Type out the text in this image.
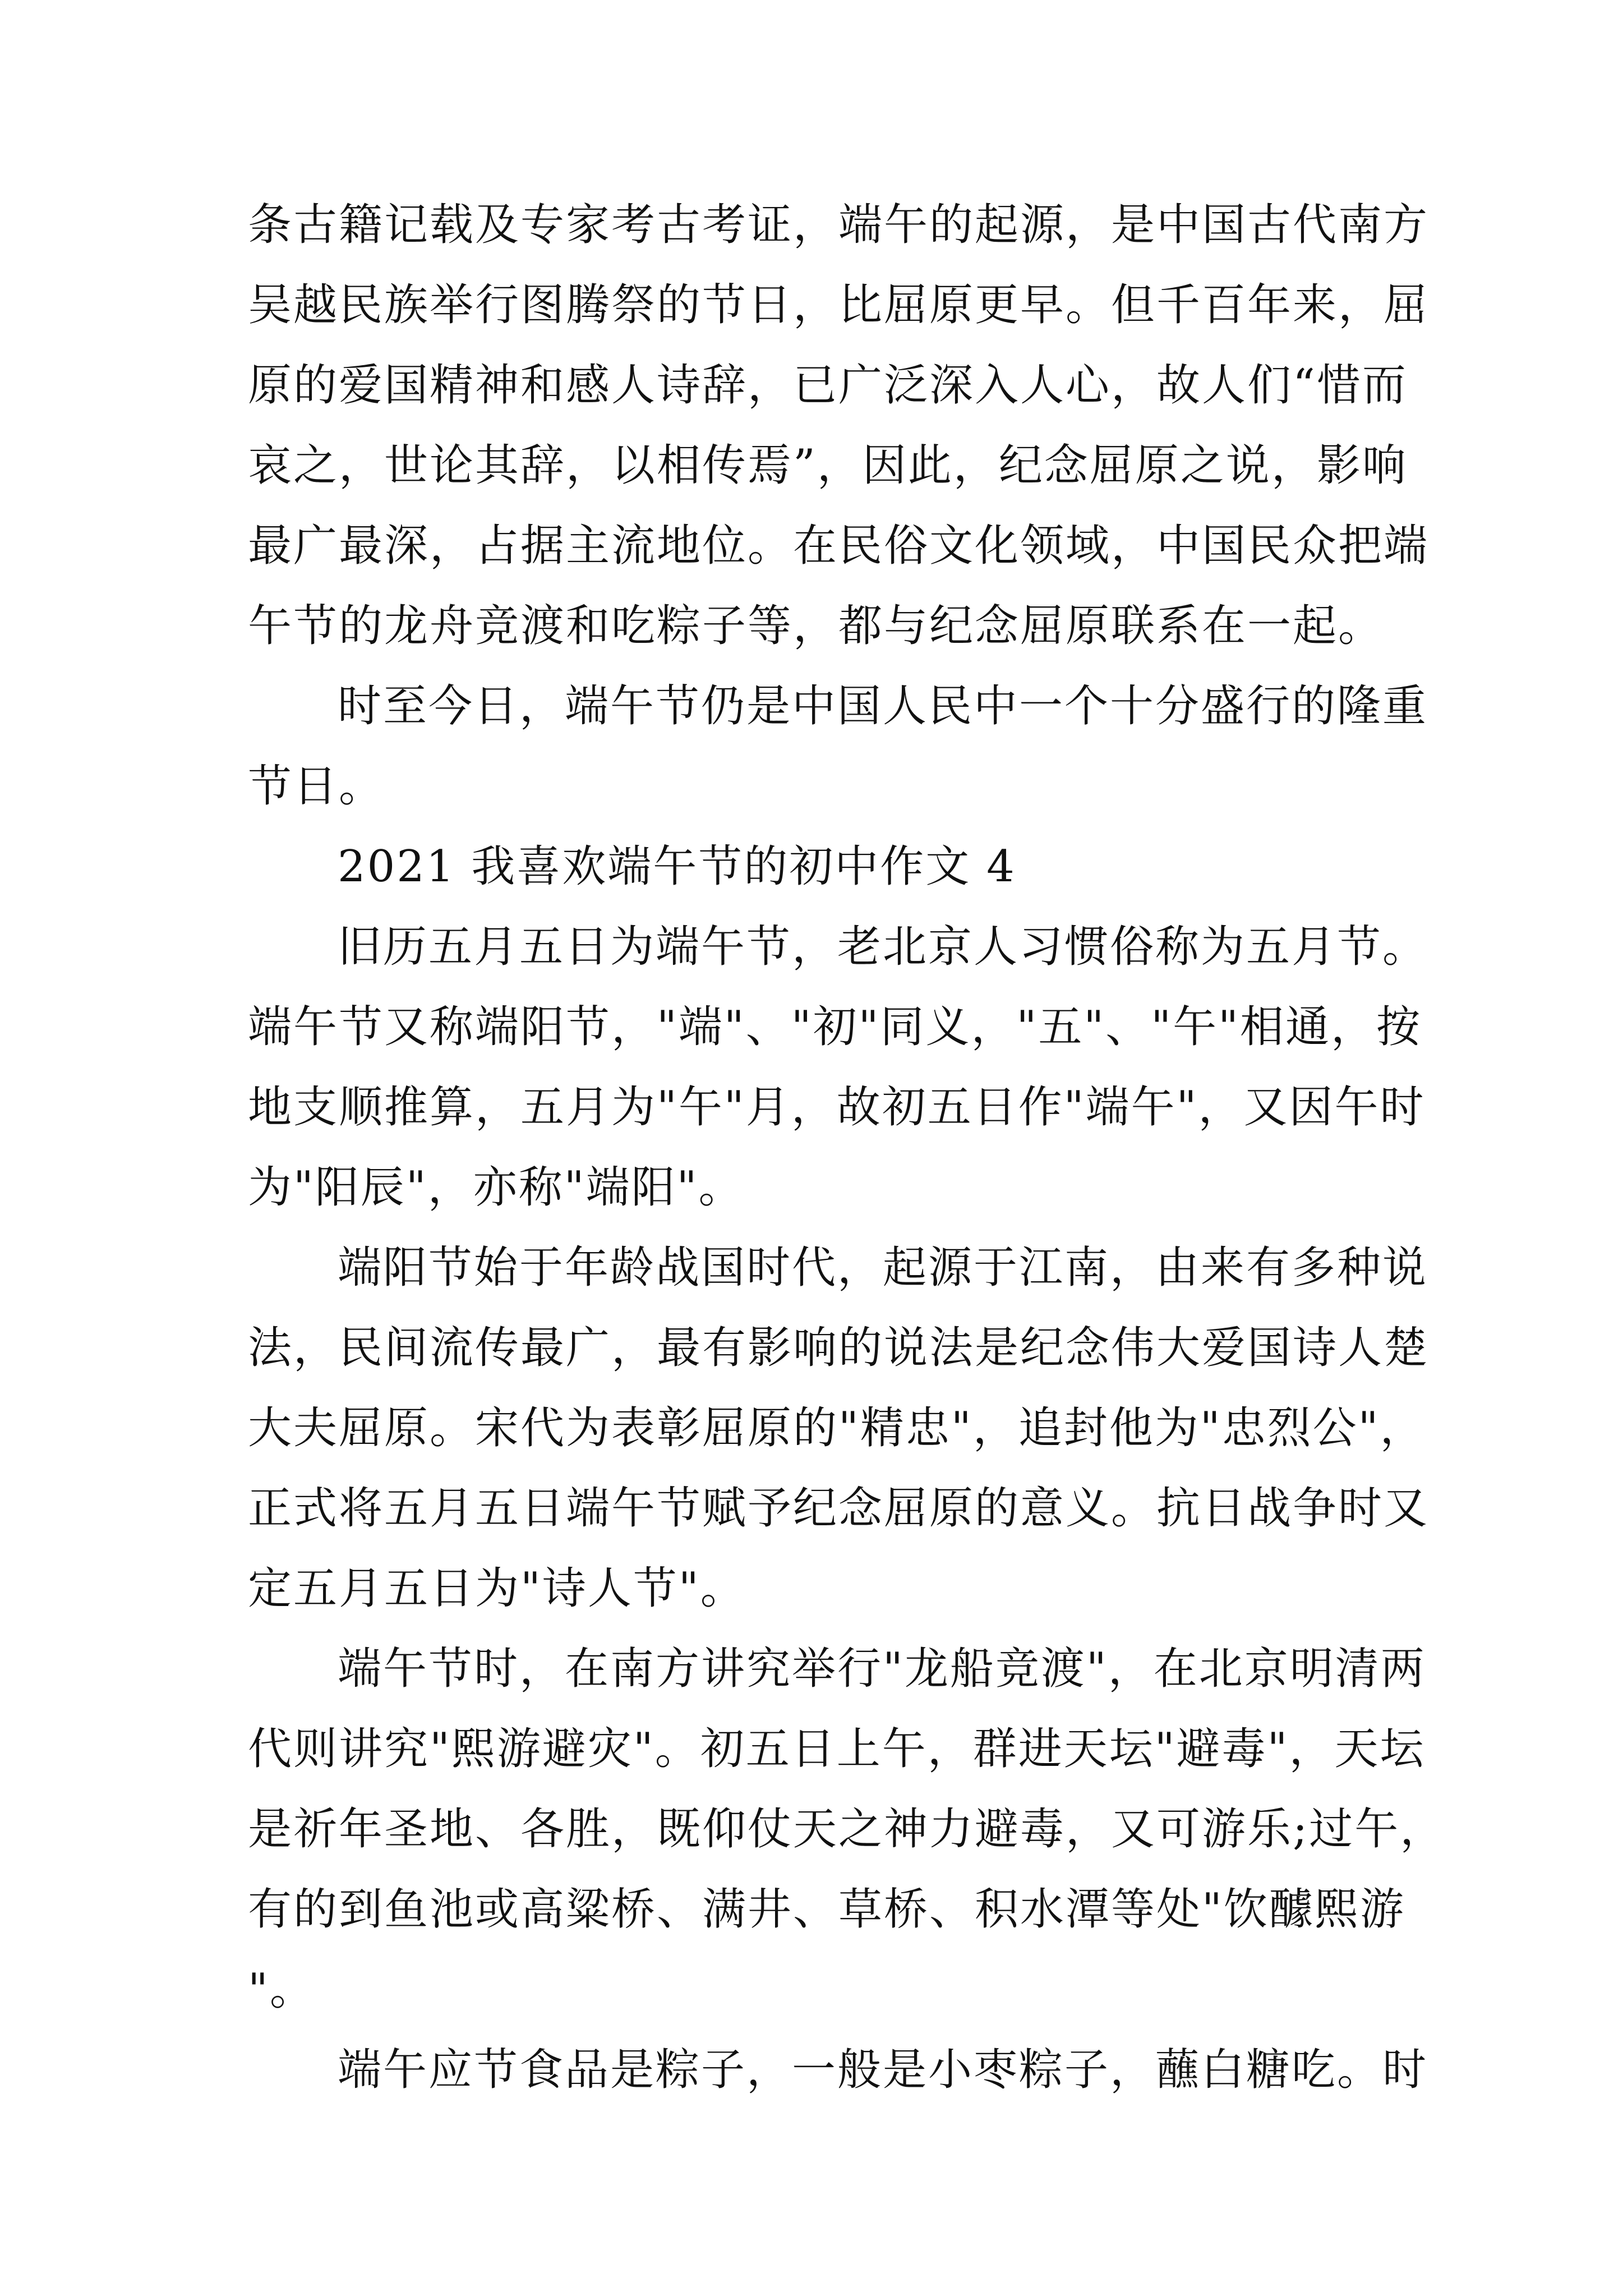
条古籍记载及专家考古考证，端午的起源，是中国古代南方
吴越民族举行图腾祭的节日，比屈原更早。但千百年来，屈
原的爱国精神和感人诗辞，已广泛深入人心，故人们“惜而
哀之，世论其辞，以相传焉”，因此，纪念屈原之说，影响
最广最深，占据主流地位。在民俗文化领域，中国民众把端
午节的龙舟竞渡和吃粽子等，都与纪念屈原联系在一起。
时至今日，端午节仍是中国人民中一个十分盛行的隆重
节日。
2021 我喜欢端午节的初中作文 4
旧历五月五日为端午节，老北京人习惯俗称为五月节。
端午节又称端阳节，"端"、"初"同义，"五"、"午"相通，按
地支顺推算，五月为"午"月，故初五日作"端午"，又因午时
为"阳辰"，亦称"端阳"。
端阳节始于年龄战国时代，起源于江南，由来有多种说
法，民间流传最广，最有影响的说法是纪念伟大爱国诗人楚
大夫屈原。宋代为表彰屈原的"精忠"，追封他为"忠烈公"，
正式将五月五日端午节赋予纪念屈原的意义。抗日战争时又
定五月五日为"诗人节"。
端午节时，在南方讲究举行"龙船竞渡"，在北京明清两
代则讲究"熙游避灾"。初五日上午，群进天坛"避毒"，天坛
是祈年圣地、各胜，既仰仗天之神力避毒，又可游乐;过午，
有的到鱼池或高粱桥、满井、草桥、积水潭等处"饮醵熙游
"。
端午应节食品是粽子，一般是小枣粽子，蘸白糖吃。时
